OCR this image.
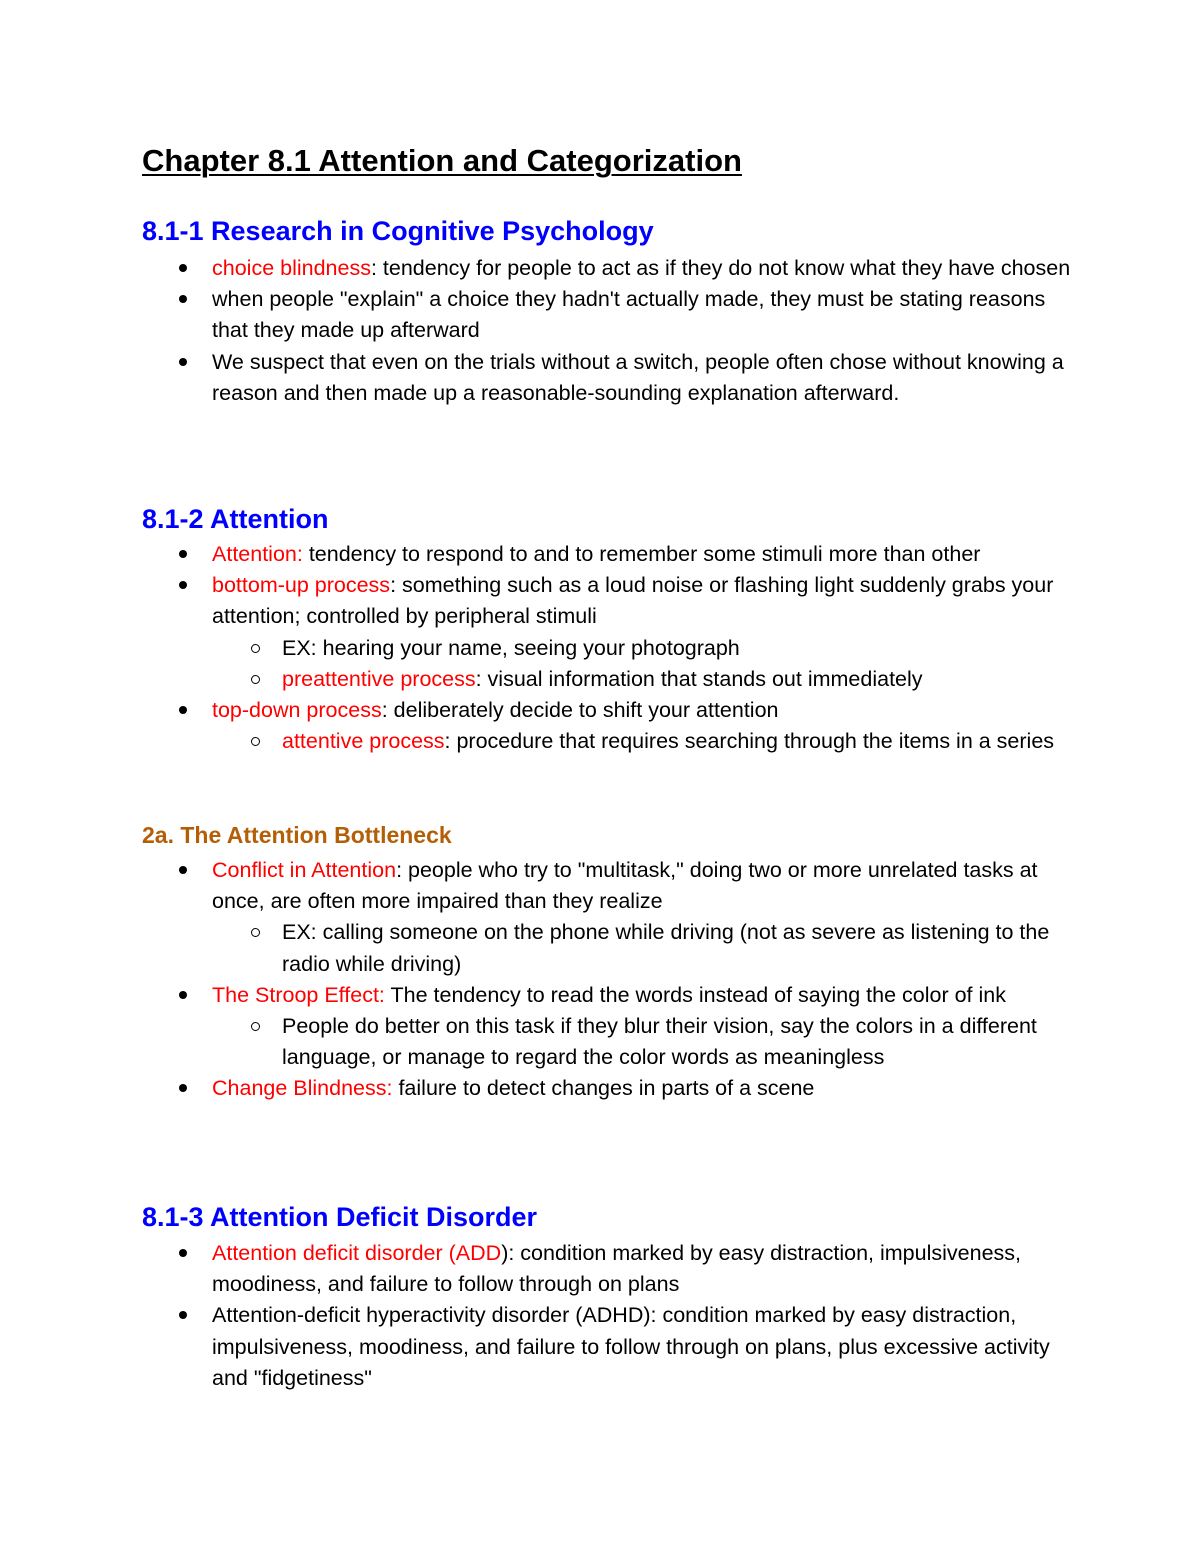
Chapter 8.1 Attention and Categorization
8.1-1 Research in Cognitive Psychology
choice blindness: tendency for people to act as if they do not know what they have chosen
when people "explain" a choice they hadn't actually made, they must be stating reasons that they made up afterward
We suspect that even on the trials without a switch, people often chose without knowing a reason and then made up a reasonable-sounding explanation afterward.
8.1-2 Attention
Attention: tendency to respond to and to remember some stimuli more than other
bottom-up process: something such as a loud noise or flashing light suddenly grabs your attention; controlled by peripheral stimuli
EX: hearing your name, seeing your photograph
preattentive process: visual information that stands out immediately
top-down process: deliberately decide to shift your attention
attentive process: procedure that requires searching through the items in a series
2a. The Attention Bottleneck
Conflict in Attention: people who try to "multitask," doing two or more unrelated tasks at once, are often more impaired than they realize
EX: calling someone on the phone while driving (not as severe as listening to the radio while driving)
The Stroop Effect: The tendency to read the words instead of saying the color of ink
People do better on this task if they blur their vision, say the colors in a different language, or manage to regard the color words as meaningless
Change Blindness: failure to detect changes in parts of a scene
8.1-3 Attention Deficit Disorder
Attention deficit disorder (ADD): condition marked by easy distraction, impulsiveness, moodiness, and failure to follow through on plans
Attention-deficit hyperactivity disorder (ADHD): condition marked by easy distraction, impulsiveness, moodiness, and failure to follow through on plans, plus excessive activity and "fidgetiness"
